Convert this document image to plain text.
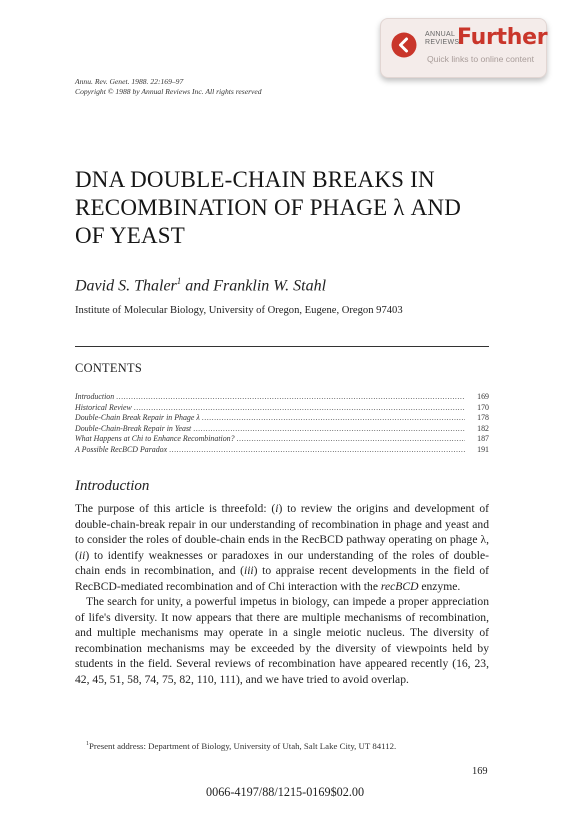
ANNUAL
REVIEWS
Further
Quick links to online content
Annu. Rev. Genet. 1988. 22:169–97
Copyright © 1988 by Annual Reviews Inc. All rights reserved
DNA DOUBLE-CHAIN BREAKS IN
RECOMBINATION OF PHAGE λ AND
OF YEAST
David S. Thaler$^1$ and Franklin W. Stahl
Institute of Molecular Biology, University of Oregon, Eugene, Oregon 97403
CONTENTS
Introduction .....	169
Historical Review .....	170
Double-Chain Break Repair in Phage λ .....	178
Double-Chain-Break Repair in Yeast .....	182
What Happens at Chi to Enhance Recombination? .....	187
A Possible RecBCD Paradox .....	191
Introduction

The purpose of this article is threefold: (i) to review the origins and development of double-chain-break repair in our understanding of recombination in phage and yeast and to consider the roles of double-chain ends in the RecBCD pathway operating on phage λ, (ii) to identify weaknesses or paradoxes in our understanding of the roles of double-chain ends in recombination, and (iii) to appraise recent developments in the field of RecBCD-mediated recombination and of Chi interaction with the recBCD enzyme.

The search for unity, a powerful impetus in biology, can impede a proper appreciation of life's diversity. It now appears that there are multiple mechanisms of recombination, and multiple mechanisms may operate in a single meiotic nucleus. The diversity of recombination mechanisms may be exceeded by the diversity of viewpoints held by students in the field. Several reviews of recombination have appeared recently (16, 23, 42, 45, 51, 58, 74, 75, 82, 110, 111), and we have tried to avoid overlap.

$^1$Present address: Department of Biology, University of Utah, Salt Lake City, UT 84112.
169
0066-4197/88/1215-0169$02.00
